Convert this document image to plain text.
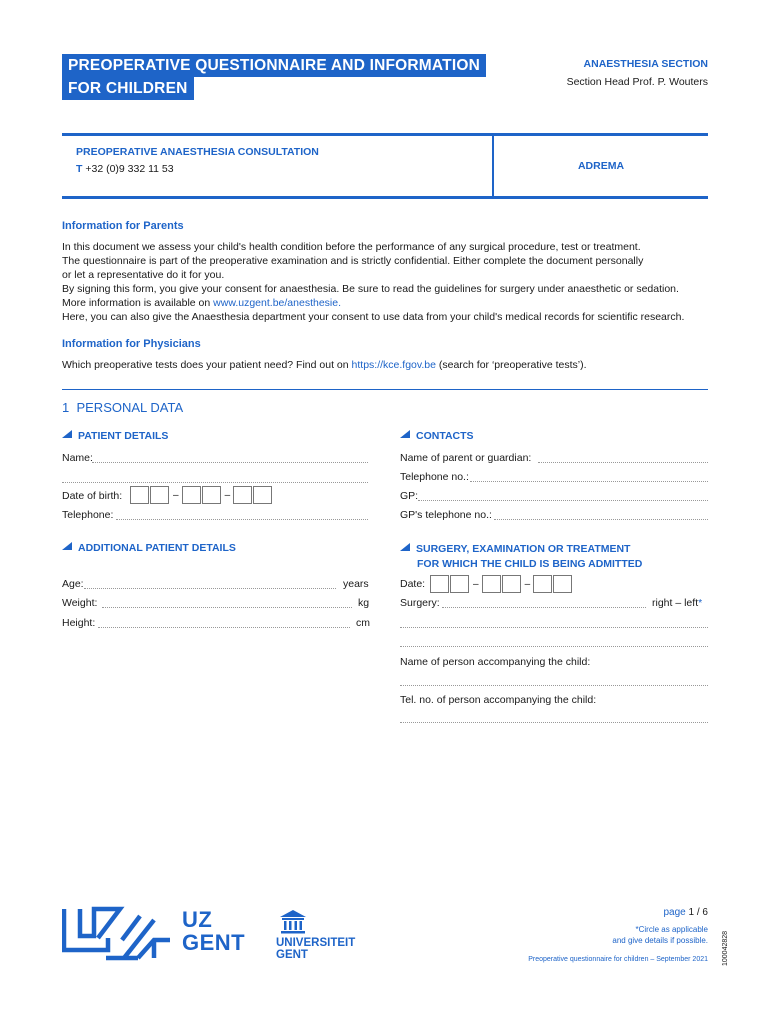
PREOPERATIVE QUESTIONNAIRE AND INFORMATION
FOR CHILDREN
ANAESTHESIA SECTION
Section Head Prof. P. Wouters
PREOPERATIVE ANAESTHESIA CONSULTATION
T +32 (0)9 332 11 53	ADREMA
Information for Parents
In this document we assess your child's health condition before the performance of any surgical procedure, test or treatment.
The questionnaire is part of the preoperative examination and is strictly confidential. Either complete the document personally
or let a representative do it for you.
By signing this form, you give your consent for anaesthesia. Be sure to read the guidelines for surgery under anaesthetic or sedation.
More information is available on www.uzgent.be/anesthesie.
Here, you can also give the Anaesthesia department your consent to use data from your child's medical records for scientific research.
Information for Physicians
Which preoperative tests does your patient need? Find out on https://kce.fgov.be (search for ‘preoperative tests’).
1 PERSONAL DATA
PATIENT DETAILS
Name:
Date of birth:	–	–
Telephone:
CONTACTS
Name of parent or guardian:
Telephone no.:
GP:
GP's telephone no.:
ADDITIONAL PATIENT DETAILS
Age:	years
Weight:	kg
Height:	cm
SURGERY, EXAMINATION OR TREATMENT
FOR WHICH THE CHILD IS BEING ADMITTED
Date:	–	–
Surgery:	right – left*
Name of person accompanying the child:
Tel. no. of person accompanying the child:
UZ
GENT	UNIVERSITEIT
GENT
page 1 / 6
*Circle as applicable
and give details if possible.
Preoperative questionnaire for children – September 2021 100042828
